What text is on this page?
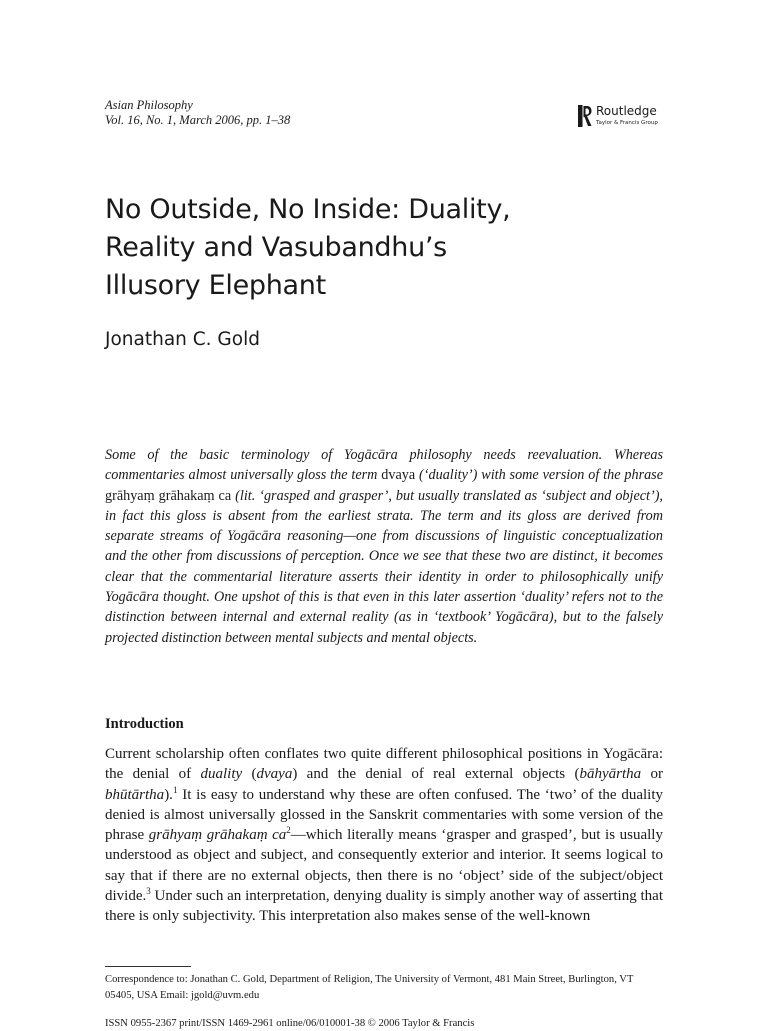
Asian Philosophy
Vol. 16, No. 1, March 2006, pp. 1–38
Routledge
Taylor & Francis Group
No Outside, No Inside: Duality,
Reality and Vasubandhu’s
Illusory Elephant
Jonathan C. Gold

Some of the basic terminology of Yogācāra philosophy needs reevaluation. Whereas commentaries almost universally gloss the term dvaya (‘duality’) with some version of the phrase grāhyaṃ grāhakaṃ ca (lit. ‘grasped and grasper’, but usually translated as ‘subject and object’), in fact this gloss is absent from the earliest strata. The term and its gloss are derived from separate streams of Yogācāra reasoning—one from discussions of linguistic conceptualization and the other from discussions of perception. Once we see that these two are distinct, it becomes clear that the commentarial literature asserts their identity in order to philosophically unify Yogācāra thought. One upshot of this is that even in this later assertion ‘duality’ refers not to the distinction between internal and external reality (as in ‘textbook’ Yogācāra), but to the falsely projected distinction between mental subjects and mental objects.

Introduction

Current scholarship often conflates two quite different philosophical positions in Yogācāra: the denial of duality (dvaya) and the denial of real external objects (bāhyārtha or bhūtārtha).$^1$ It is easy to understand why these are often confused. The ‘two’ of the duality denied is almost universally glossed in the Sanskrit commentaries with some version of the phrase grāhyaṃ grāhakaṃ $ca^2—which$ literally means ‘grasper and grasped’, but is usually understood as object and subject, and consequently exterior and interior. It seems logical to say that if there are no external objects, then there is no ‘object’ side of the subject/object divide.$^3$ Under such an interpretation, denying duality is simply another way of asserting that there is only subjectivity. This interpretation also makes sense of the well-known

Correspondence to: Jonathan C. Gold, Department of Religion, The University of Vermont, 481 Main Street, Burlington, VT 05405, USA Email: jgold@uvm.edu

ISSN 0955-2367 print/ISSN 1469-2961 online/06/010001-38 © 2006 Taylor & Francis
